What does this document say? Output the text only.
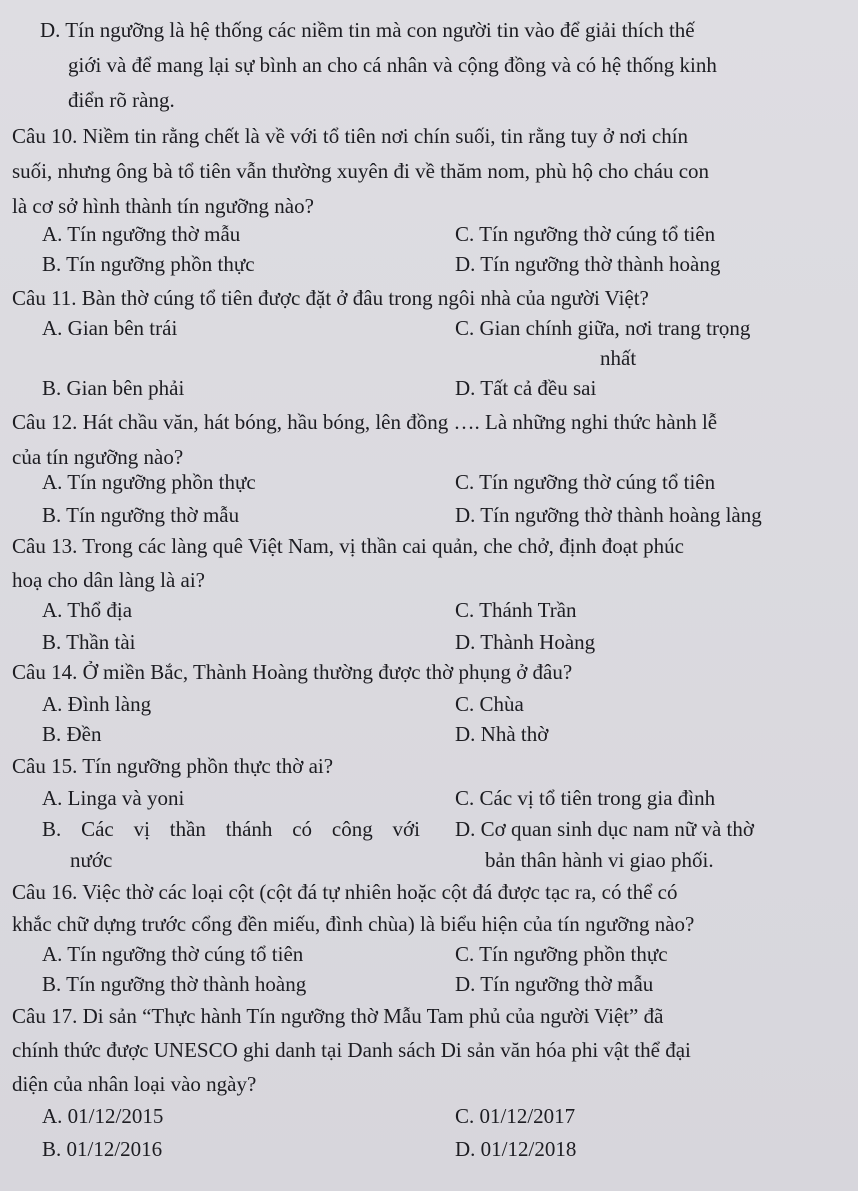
D. Tín ngưỡng là hệ thống các niềm tin mà con người tin vào để giải thích thế
giới và để mang lại sự bình an cho cá nhân và cộng đồng và có hệ thống kinh
điển rõ ràng.
Câu 10. Niềm tin rằng chết là về với tổ tiên nơi chín suối, tin rằng tuy ở nơi chín
suối, nhưng ông bà tổ tiên vẫn thường xuyên đi về thăm nom, phù hộ cho cháu con
là cơ sở hình thành tín ngưỡng nào?
A. Tín ngưỡng thờ mẫu	C. Tín ngưỡng thờ cúng tổ tiên
B. Tín ngưỡng phồn thực	D. Tín ngưỡng thờ thành hoàng
Câu 11. Bàn thờ cúng tổ tiên được đặt ở đâu trong ngôi nhà của người Việt?
A. Gian bên trái	C. Gian chính giữa, nơi trang trọng
nhất
B. Gian bên phải	D. Tất cả đều sai
Câu 12. Hát chầu văn, hát bóng, hầu bóng, lên đồng …. Là những nghi thức hành lễ
của tín ngưỡng nào?
A. Tín ngưỡng phồn thực	C. Tín ngưỡng thờ cúng tổ tiên
B. Tín ngưỡng thờ mẫu	D. Tín ngưỡng thờ thành hoàng làng
Câu 13. Trong các làng quê Việt Nam, vị thần cai quản, che chở, định đoạt phúc
hoạ cho dân làng là ai?
A. Thổ địa	C. Thánh Trần
B. Thần tài	D. Thành Hoàng
Câu 14. Ở miền Bắc, Thành Hoàng thường được thờ phụng ở đâu?
A. Đình làng	C. Chùa
B. Đền	D. Nhà thờ
Câu 15. Tín ngưỡng phồn thực thờ ai?
A. Linga và yoni	C. Các vị tổ tiên trong gia đình
B. Các vị thần thánh có công với D. Cơ quan sinh dục nam nữ và thờ
nước	bản thân hành vi giao phối.
Câu 16. Việc thờ các loại cột (cột đá tự nhiên hoặc cột đá được tạc ra, có thể có
khắc chữ dựng trước cổng đền miếu, đình chùa) là biểu hiện của tín ngưỡng nào?
A. Tín ngưỡng thờ cúng tổ tiên	C. Tín ngưỡng phồn thực
B. Tín ngưỡng thờ thành hoàng	D. Tín ngưỡng thờ mẫu
Câu 17. Di sản “Thực hành Tín ngưỡng thờ Mẫu Tam phủ của người Việt” đã
chính thức được UNESCO ghi danh tại Danh sách Di sản văn hóa phi vật thể đại
diện của nhân loại vào ngày?
A. 01/12/2015	C. 01/12/2017
B. 01/12/2016	D. 01/12/2018
